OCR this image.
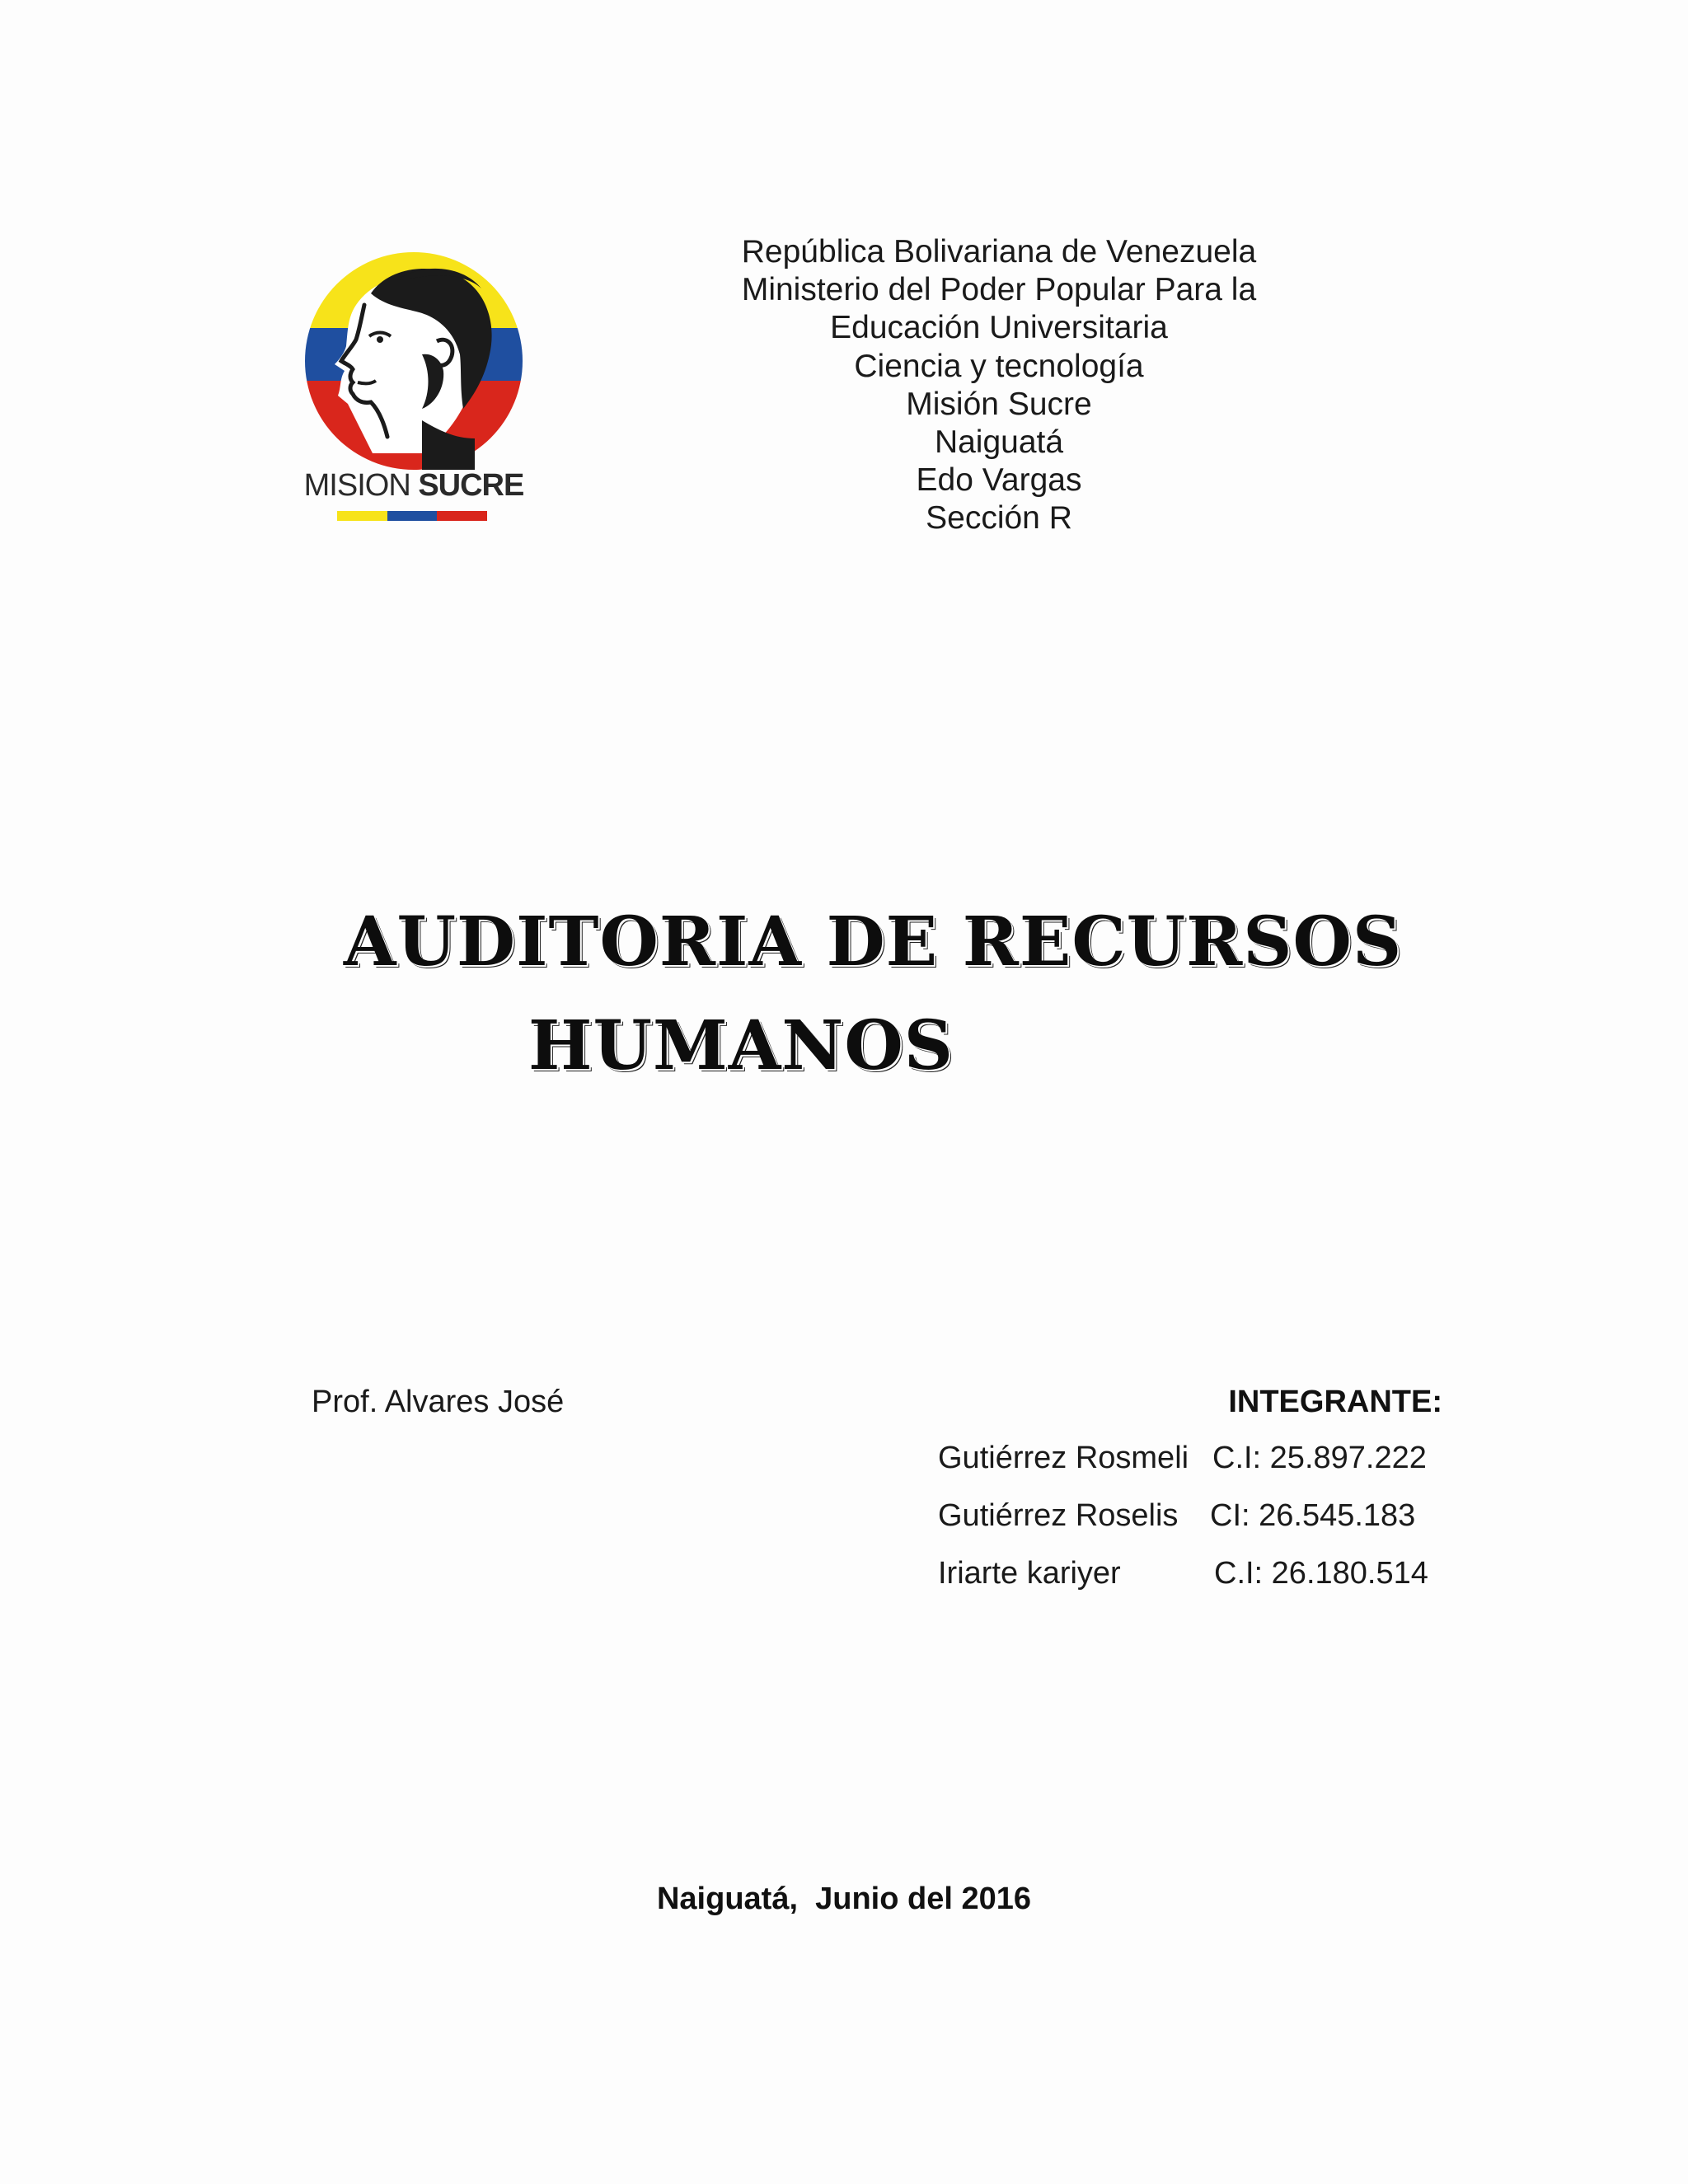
MISION SUCRE
República Bolivariana de Venezuela
Ministerio del Poder Popular Para la
Educación Universitaria
Ciencia y tecnología
Misión Sucre
Naiguatá
Edo Vargas
Sección R
AUDITORIA DE RECURSOS
HUMANOS
Prof. Alvares José	INTEGRANTE:
Gutiérrez Rosmeli C.I: 25.897.222
Gutiérrez Roselis CI: 26.545.183
Iriarte kariyer	C.I: 26.180.514
Naiguatá,  Junio del 2016
